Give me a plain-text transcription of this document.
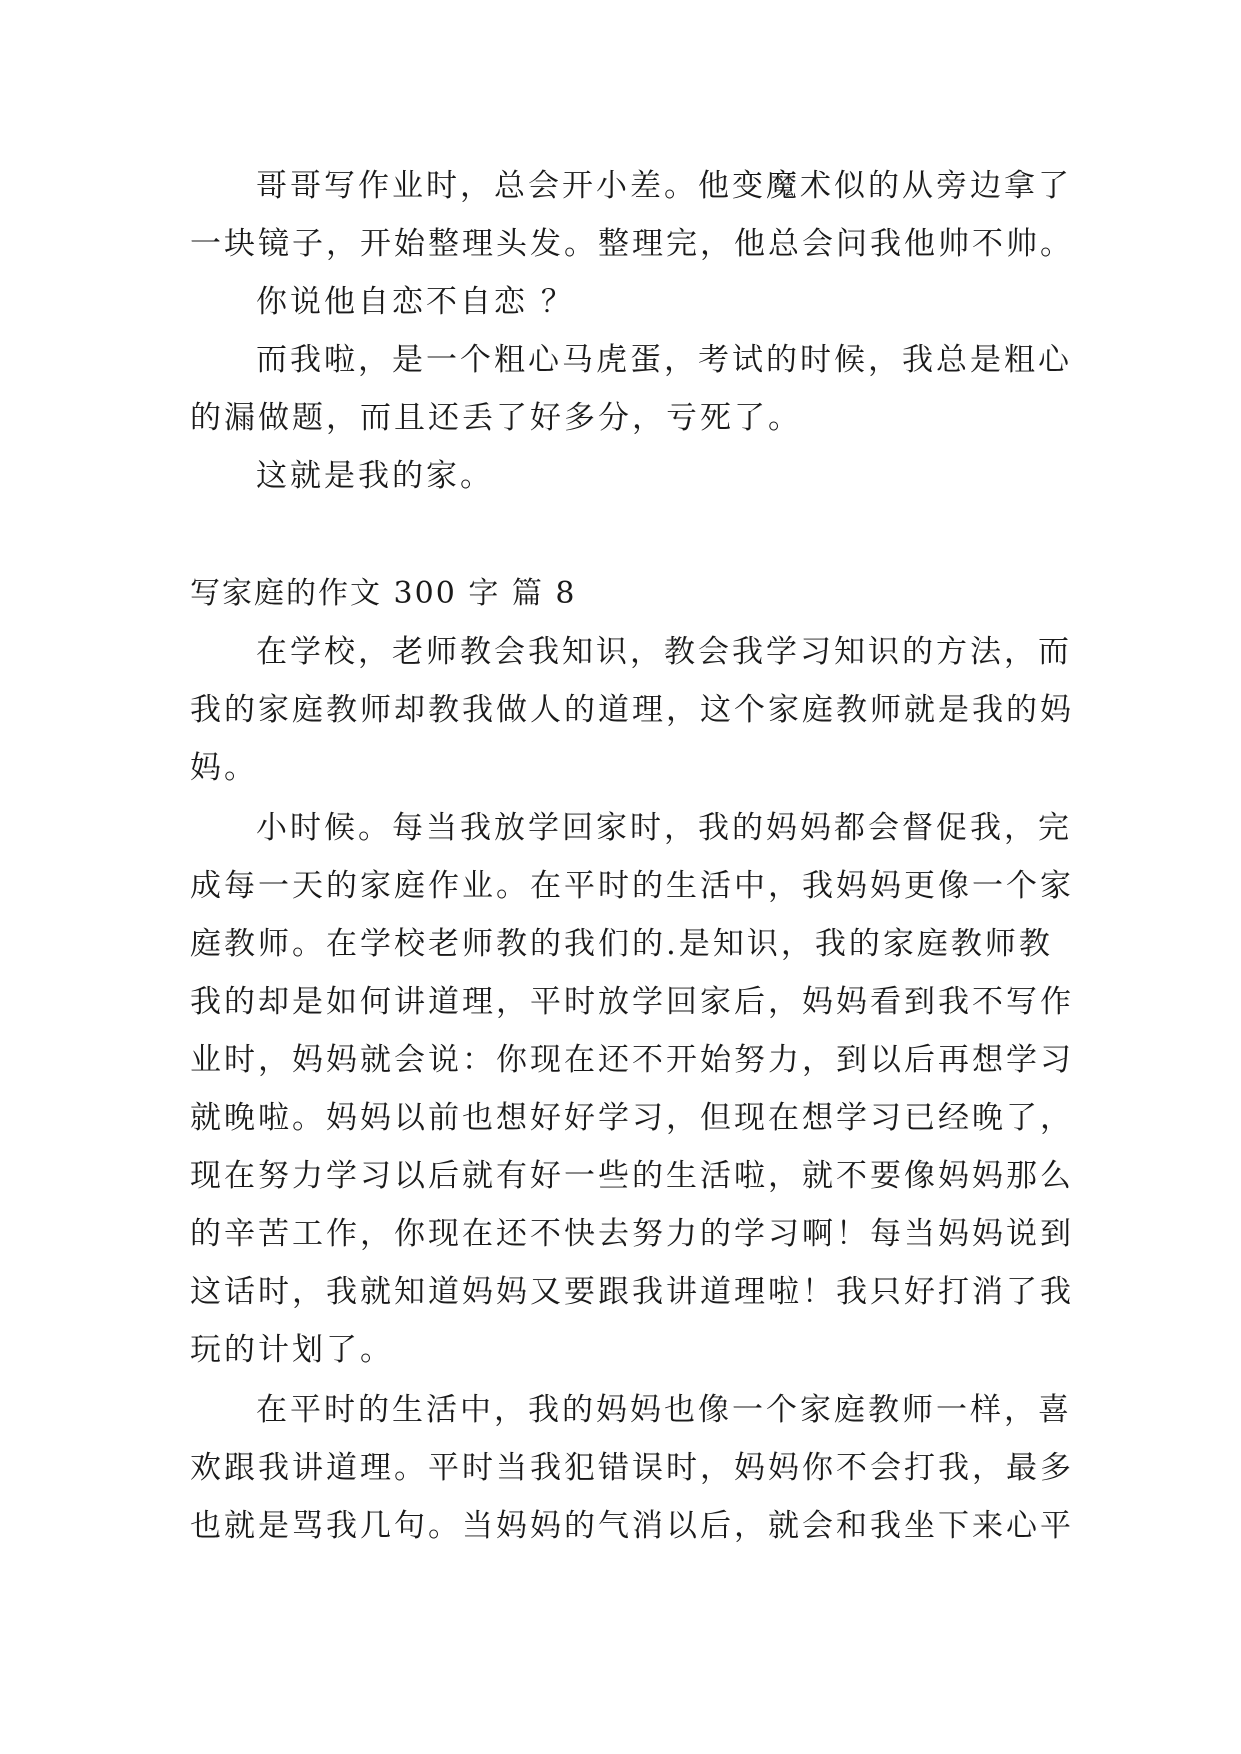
哥哥写作业时，总会开小差。他变魔术似的从旁边拿了
一块镜子，开始整理头发。整理完，他总会问我他帅不帅。
你说他自恋不自恋 ？
而我啦，是一个粗心马虎蛋，考试的时候，我总是粗心
的漏做题，而且还丢了好多分，亏死了。
这就是我的家。
写家庭的作文 300 字 篇 8
在学校，老师教会我知识，教会我学习知识的方法，而
我的家庭教师却教我做人的道理，这个家庭教师就是我的妈
妈。
小时候。每当我放学回家时，我的妈妈都会督促我，完
成每一天的家庭作业。在平时的生活中，我妈妈更像一个家
庭教师。在学校老师教的我们的.是知识，我的家庭教师教
我的却是如何讲道理，平时放学回家后，妈妈看到我不写作
业时，妈妈就会说：你现在还不开始努力，到以后再想学习
就晚啦。妈妈以前也想好好学习，但现在想学习已经晚了，
现在努力学习以后就有好一些的生活啦，就不要像妈妈那么
的辛苦工作，你现在还不快去努力的学习啊！每当妈妈说到
这话时，我就知道妈妈又要跟我讲道理啦！我只好打消了我
玩的计划了。
在平时的生活中，我的妈妈也像一个家庭教师一样，喜
欢跟我讲道理。平时当我犯错误时，妈妈你不会打我，最多
也就是骂我几句。当妈妈的气消以后，就会和我坐下来心平
